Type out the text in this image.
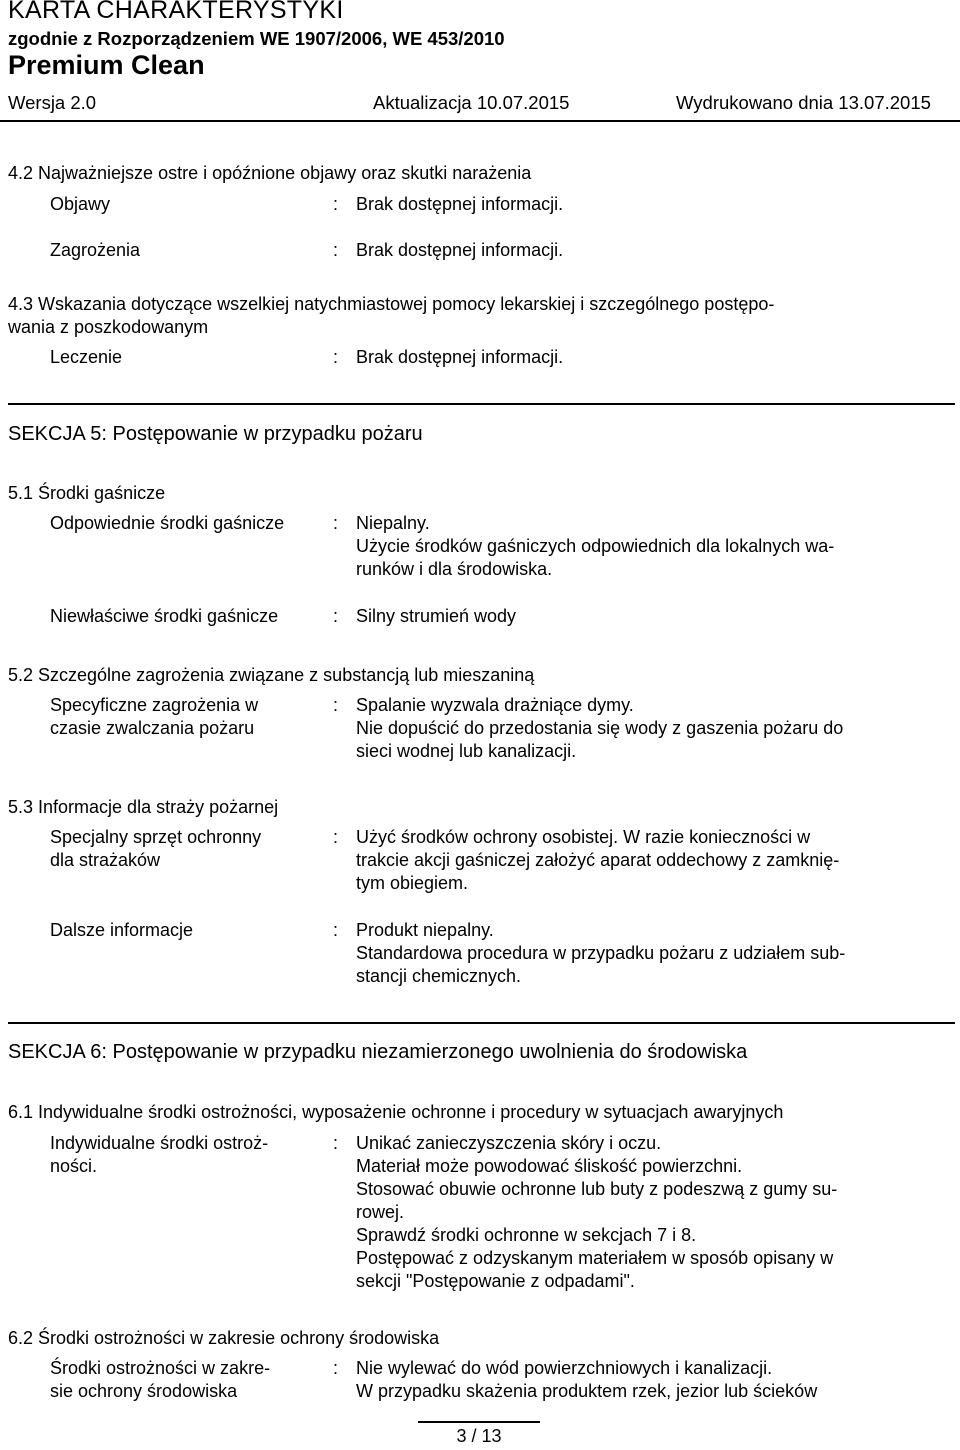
KARTA CHARAKTERYSTYKI
zgodnie z Rozporządzeniem WE 1907/2006, WE 453/2010
Premium Clean
Wersja 2.0	Aktualizacja 10.07.2015	Wydrukowano dnia 13.07.2015
4.2 Najważniejsze ostre i opóźnione objawy oraz skutki narażenia
Objawy	: Brak dostępnej informacji.
Zagrożenia	: Brak dostępnej informacji.
4.3 Wskazania dotyczące wszelkiej natychmiastowej pomocy lekarskiej i szczególnego postępo-
wania z poszkodowanym
Leczenie	: Brak dostępnej informacji.
SEKCJA 5: Postępowanie w przypadku pożaru
5.1 Środki gaśnicze
Odpowiednie środki gaśnicze	: Niepalny.
Użycie środków gaśniczych odpowiednich dla lokalnych wa-
runków i dla środowiska.
Niewłaściwe środki gaśnicze	: Silny strumień wody
5.2 Szczególne zagrożenia związane z substancją lub mieszaniną
Specyficzne zagrożenia w
czasie zwalczania pożaru
: Spalanie wyzwala drażniące dymy.
Nie dopuścić do przedostania się wody z gaszenia pożaru do
sieci wodnej lub kanalizacji.
5.3 Informacje dla straży pożarnej
Specjalny sprzęt ochronny
dla strażaków
: Użyć środków ochrony osobistej. W razie konieczności w
trakcie akcji gaśniczej założyć aparat oddechowy z zamknię-
tym obiegiem.
Dalsze informacje	: Produkt niepalny.
Standardowa procedura w przypadku pożaru z udziałem sub-
stancji chemicznych.
SEKCJA 6: Postępowanie w przypadku niezamierzonego uwolnienia do środowiska
6.1 Indywidualne środki ostrożności, wyposażenie ochronne i procedury w sytuacjach awaryjnych
Indywidualne środki ostroż-
ności.
: Unikać zanieczyszczenia skóry i oczu.
Materiał może powodować śliskość powierzchni.
Stosować obuwie ochronne lub buty z podeszwą z gumy su-
rowej.
Sprawdź środki ochronne w sekcjach 7 i 8.
Postępować z odzyskanym materiałem w sposób opisany w
sekcji "Postępowanie z odpadami".
6.2 Środki ostrożności w zakresie ochrony środowiska
Środki ostrożności w zakre-
sie ochrony środowiska
: Nie wylewać do wód powierzchniowych i kanalizacji.
W przypadku skażenia produktem rzek, jezior lub ścieków
3 / 13
